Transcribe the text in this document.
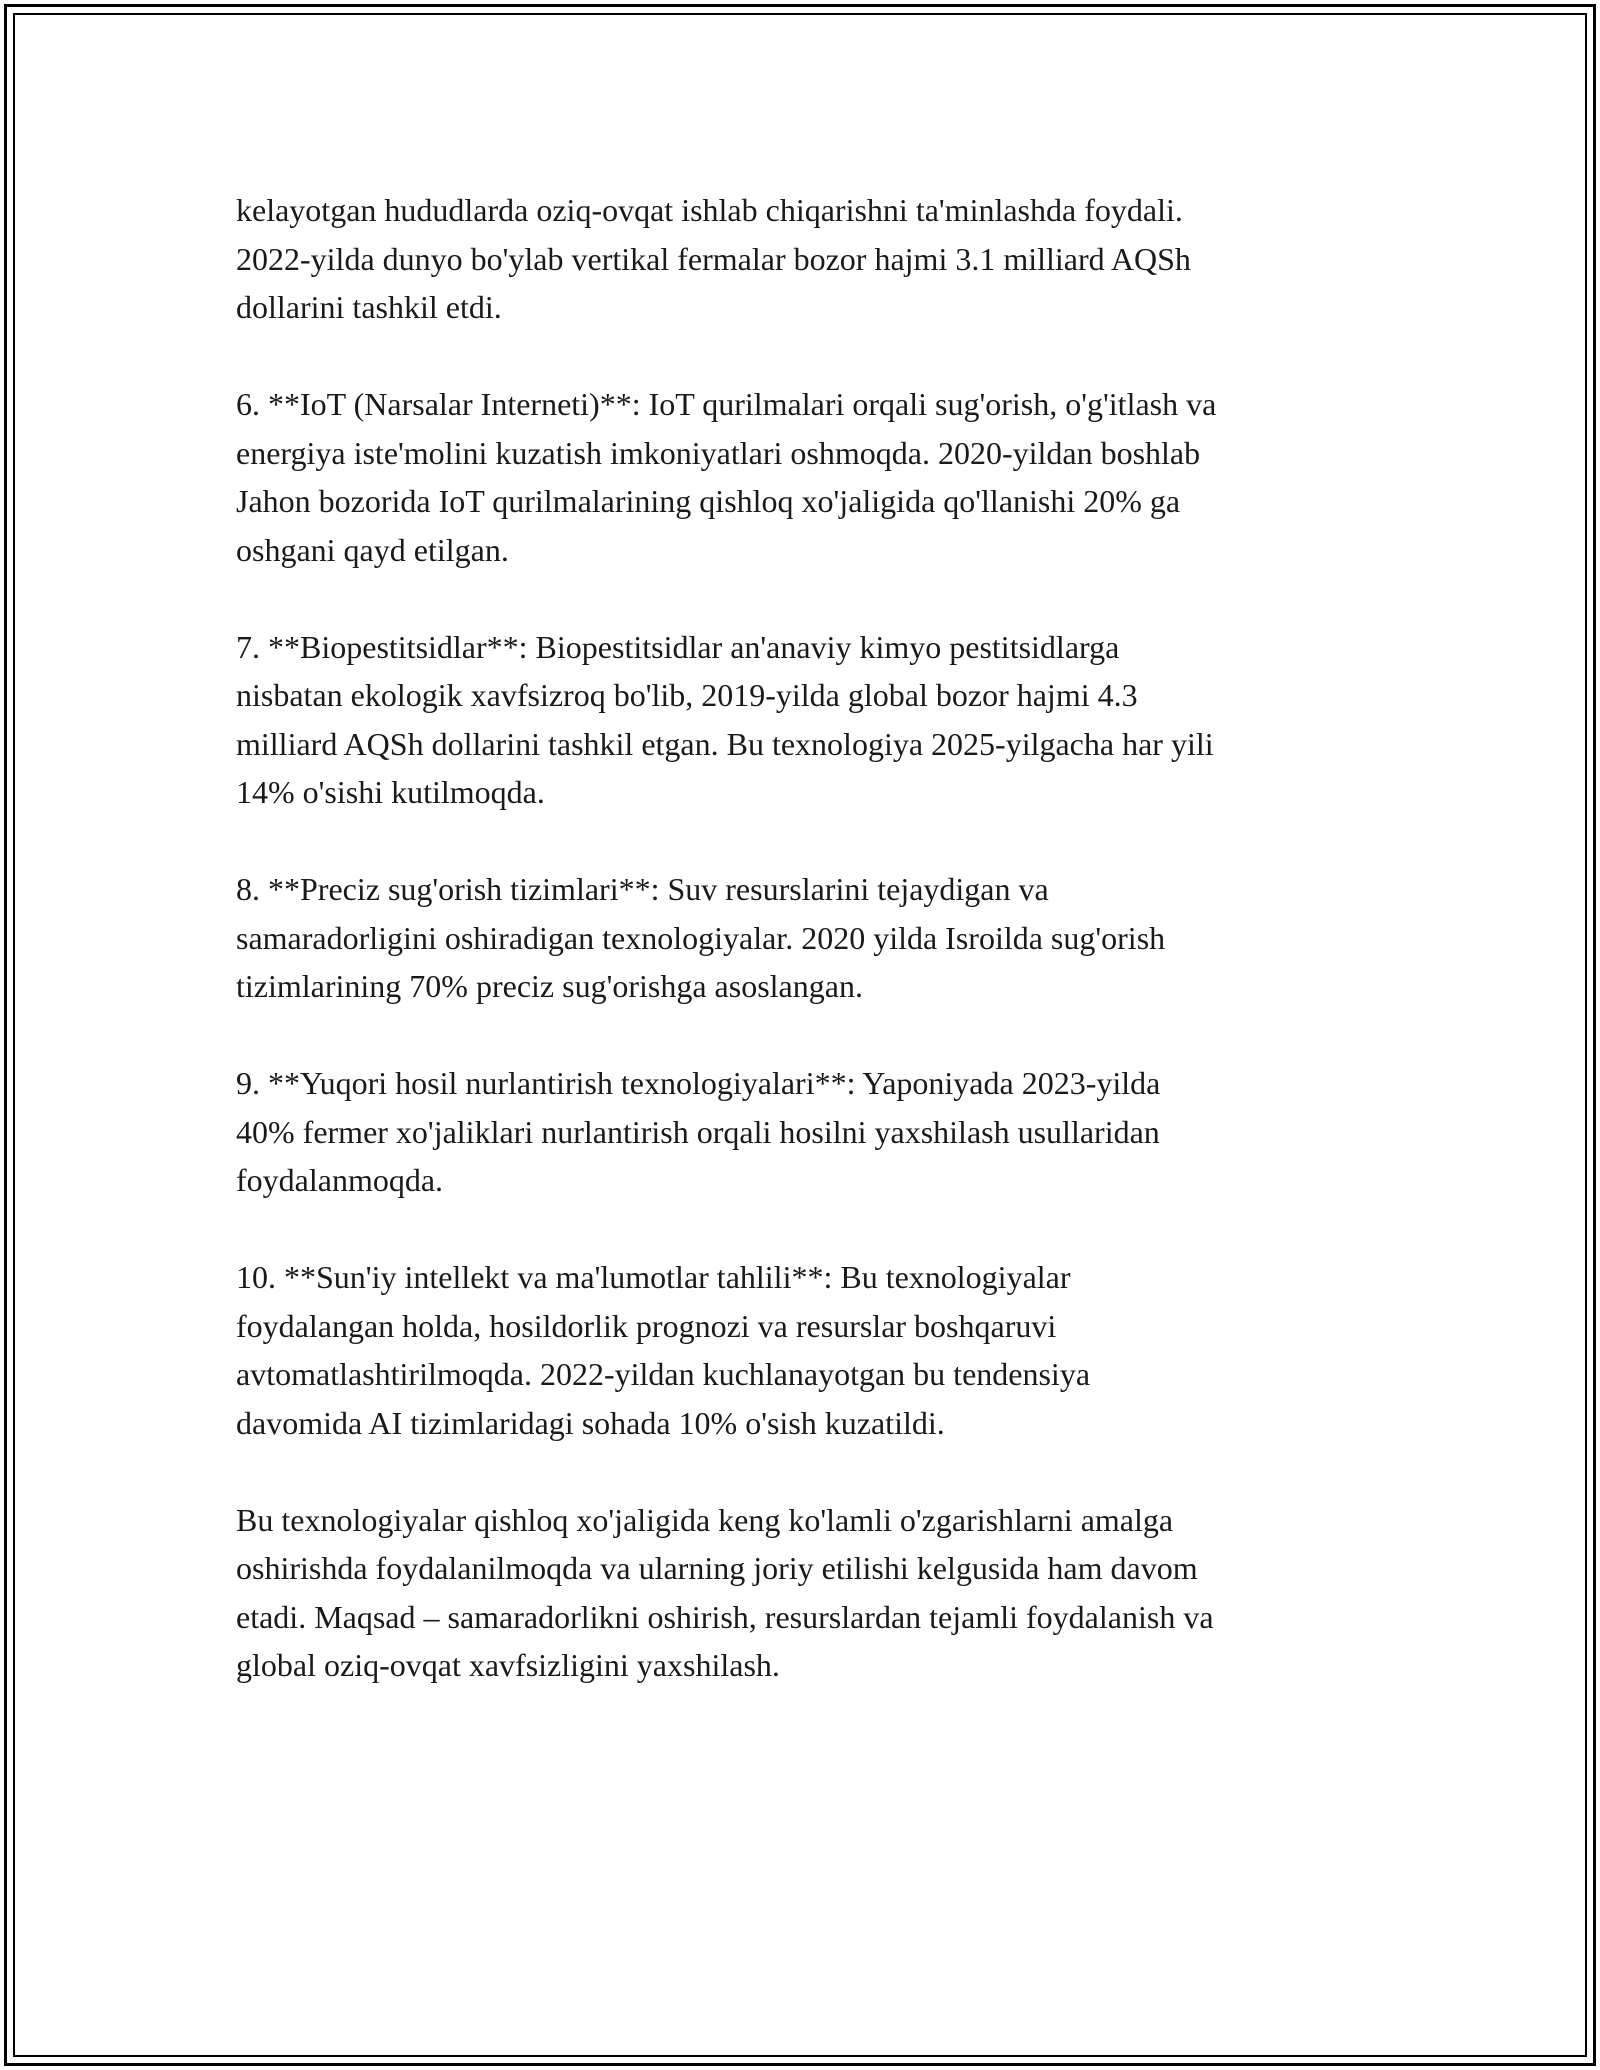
kelayotgan hududlarda oziq-ovqat ishlab chiqarishni ta'minlashda foydali.
2022-yilda dunyo bo'ylab vertikal fermalar bozor hajmi 3.1 milliard AQSh
dollarini tashkil etdi.

6. **IoT (Narsalar Interneti)**: IoT qurilmalari orqali sug'orish, o'g'itlash va
energiya iste'molini kuzatish imkoniyatlari oshmoqda. 2020-yildan boshlab
Jahon bozorida IoT qurilmalarining qishloq xo'jaligida qo'llanishi 20% ga
oshgani qayd etilgan.

7. **Biopestitsidlar**: Biopestitsidlar an'anaviy kimyo pestitsidlarga
nisbatan ekologik xavfsizroq bo'lib, 2019-yilda global bozor hajmi 4.3
milliard AQSh dollarini tashkil etgan. Bu texnologiya 2025-yilgacha har yili
14% o'sishi kutilmoqda.

8. **Preciz sug'orish tizimlari**: Suv resurslarini tejaydigan va
samaradorligini oshiradigan texnologiyalar. 2020 yilda Isroilda sug'orish
tizimlarining 70% preciz sug'orishga asoslangan.

9. **Yuqori hosil nurlantirish texnologiyalari**: Yaponiyada 2023-yilda
40% fermer xo'jaliklari nurlantirish orqali hosilni yaxshilash usullaridan
foydalanmoqda.

10. **Sun'iy intellekt va ma'lumotlar tahlili**: Bu texnologiyalar
foydalangan holda, hosildorlik prognozi va resurslar boshqaruvi
avtomatlashtirilmoqda. 2022-yildan kuchlanayotgan bu tendensiya
davomida AI tizimlaridagi sohada 10% o'sish kuzatildi.

Bu texnologiyalar qishloq xo'jaligida keng ko'lamli o'zgarishlarni amalga
oshirishda foydalanilmoqda va ularning joriy etilishi kelgusida ham davom
etadi. Maqsad – samaradorlikni oshirish, resurslardan tejamli foydalanish va
global oziq-ovqat xavfsizligini yaxshilash.
